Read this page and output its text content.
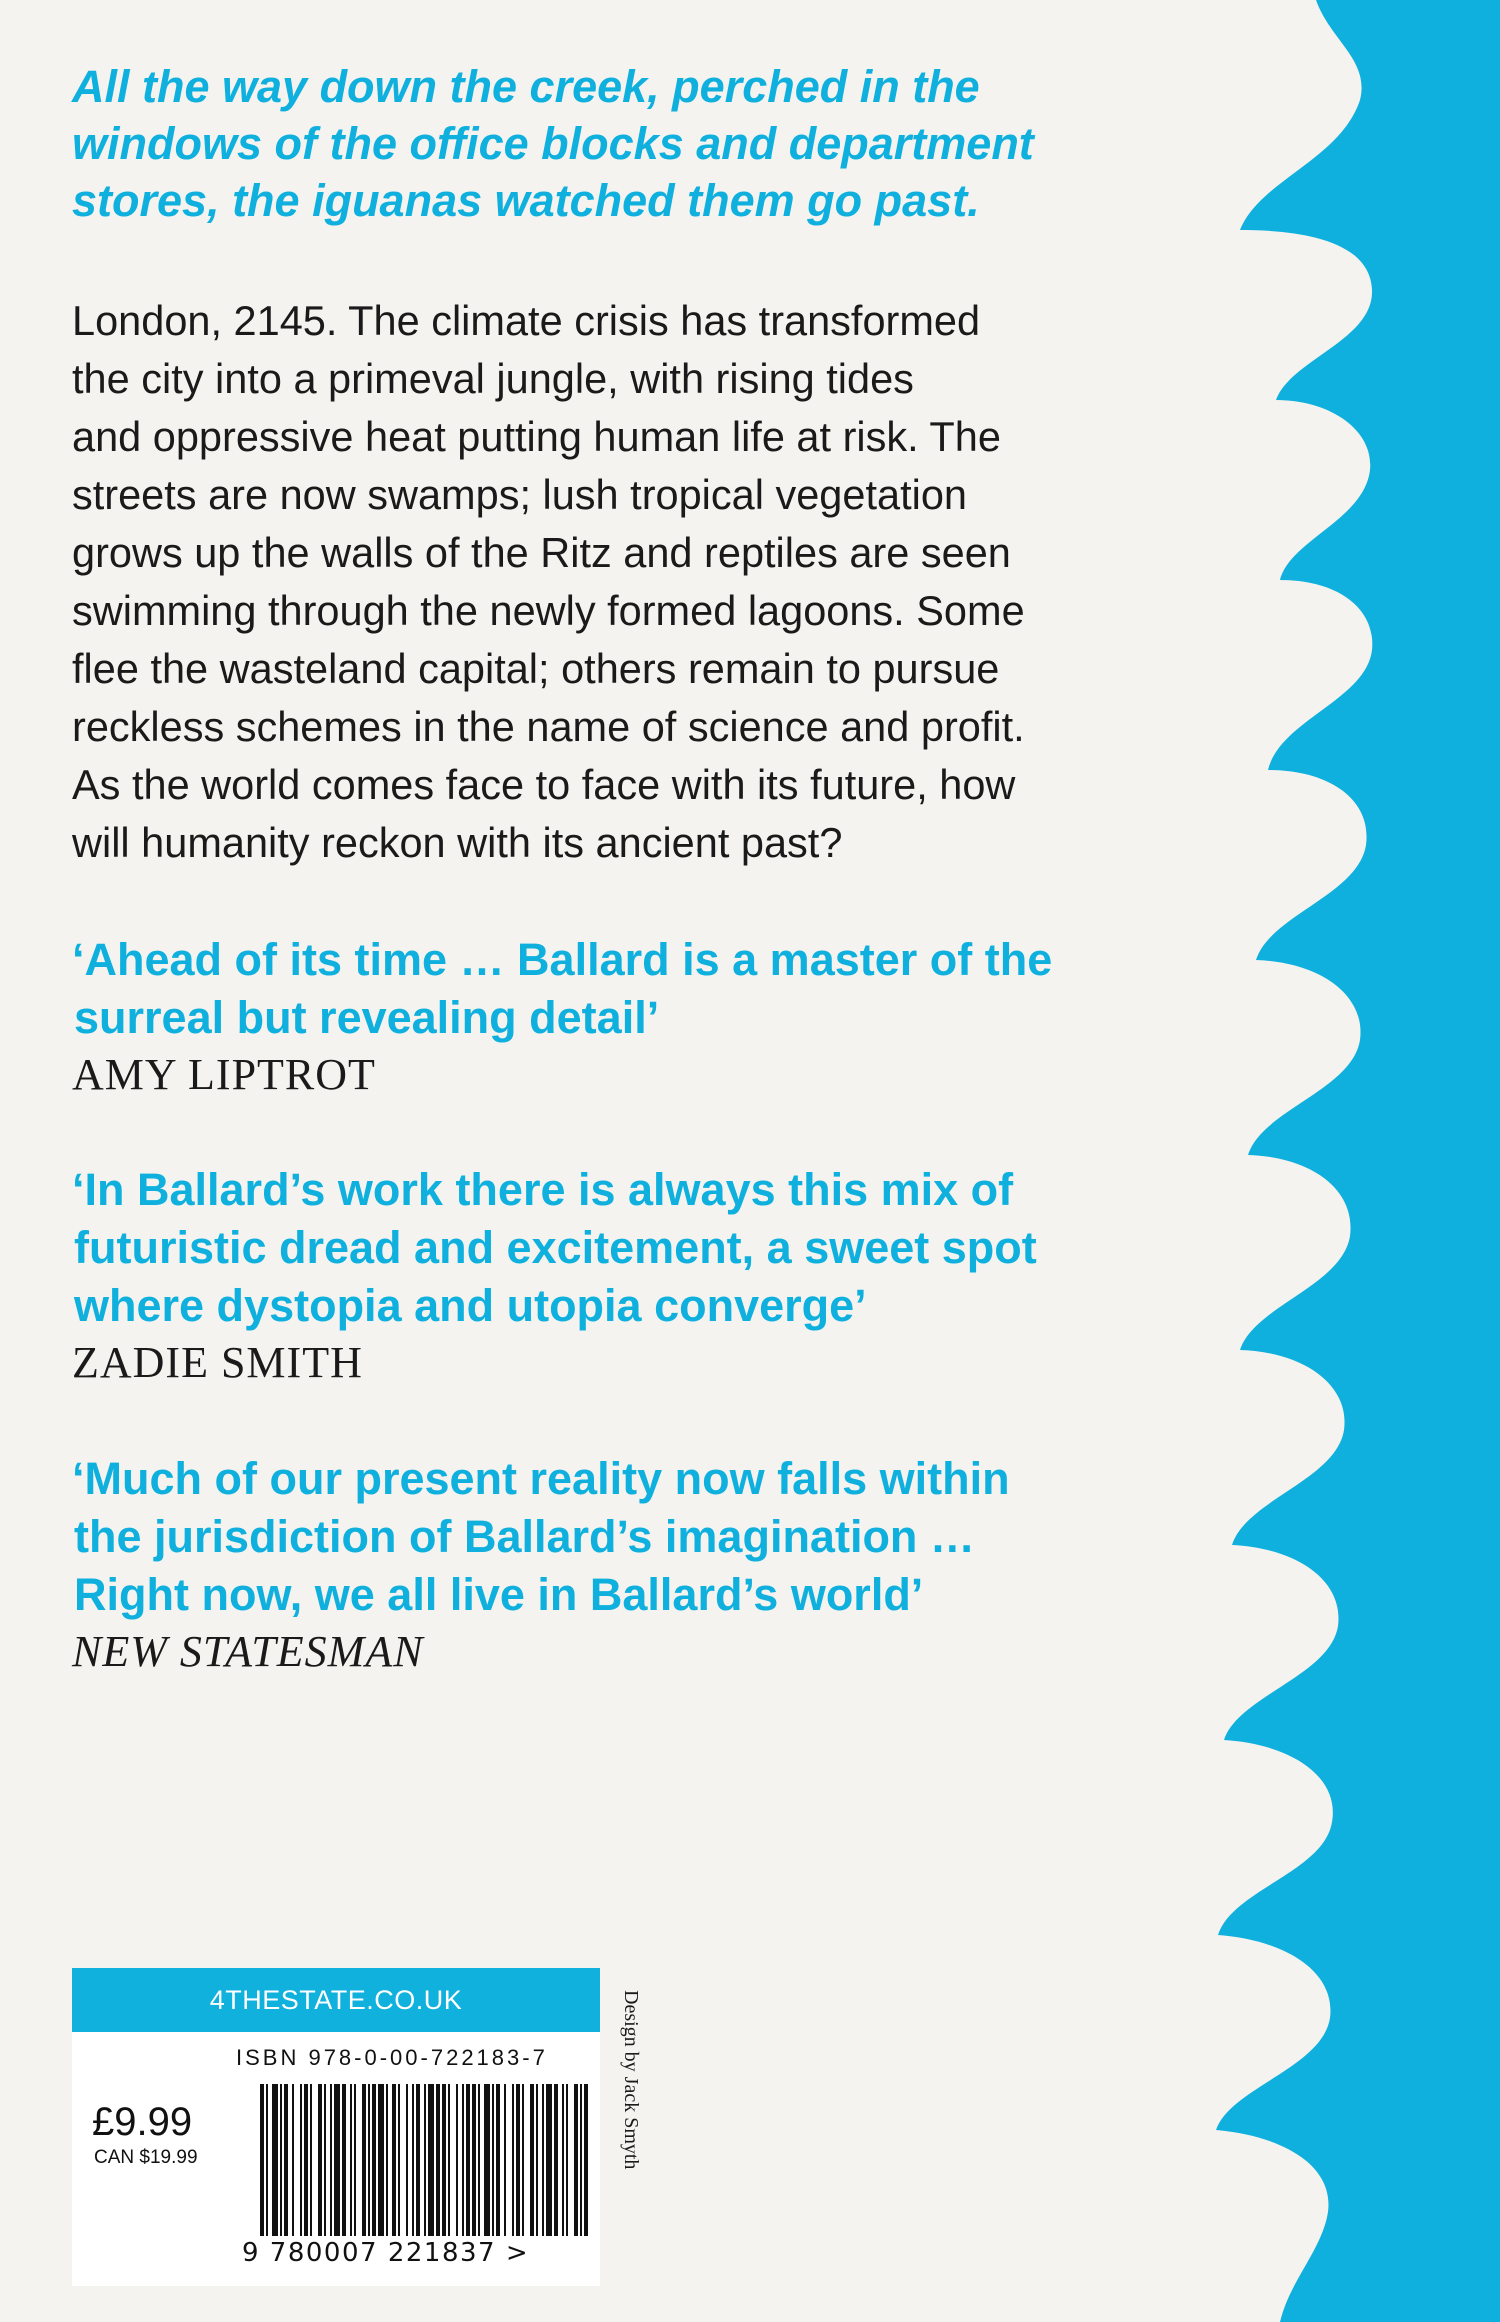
All the way down the creek, perched in the
windows of the office blocks and department
stores, the iguanas watched them go past.
London, 2145. The climate crisis has transformed
the city into a primeval jungle, with rising tides
and oppressive heat putting human life at risk. The
streets are now swamps; lush tropical vegetation
grows up the walls of the Ritz and reptiles are seen
swimming through the newly formed lagoons. Some
flee the wasteland capital; others remain to pursue
reckless schemes in the name of science and profit.
As the world comes face to face with its future, how
will humanity reckon with its ancient past?
‘Ahead of its time … Ballard is a master of the
surreal but revealing detail’
AMY LIPTROT
‘In Ballard’s work there is always this mix of
futuristic dread and excitement, a sweet spot
where dystopia and utopia converge’
ZADIE SMITH
‘Much of our present reality now falls within
the jurisdiction of Ballard’s imagination …
Right now, we all live in Ballard’s world’
NEW STATESMAN
4THESTATE.CO.UK
ISBN 978-0-00-722183-7
£9.99
CAN $19.99
9 780007 221837 >
Design by Jack Smyth
